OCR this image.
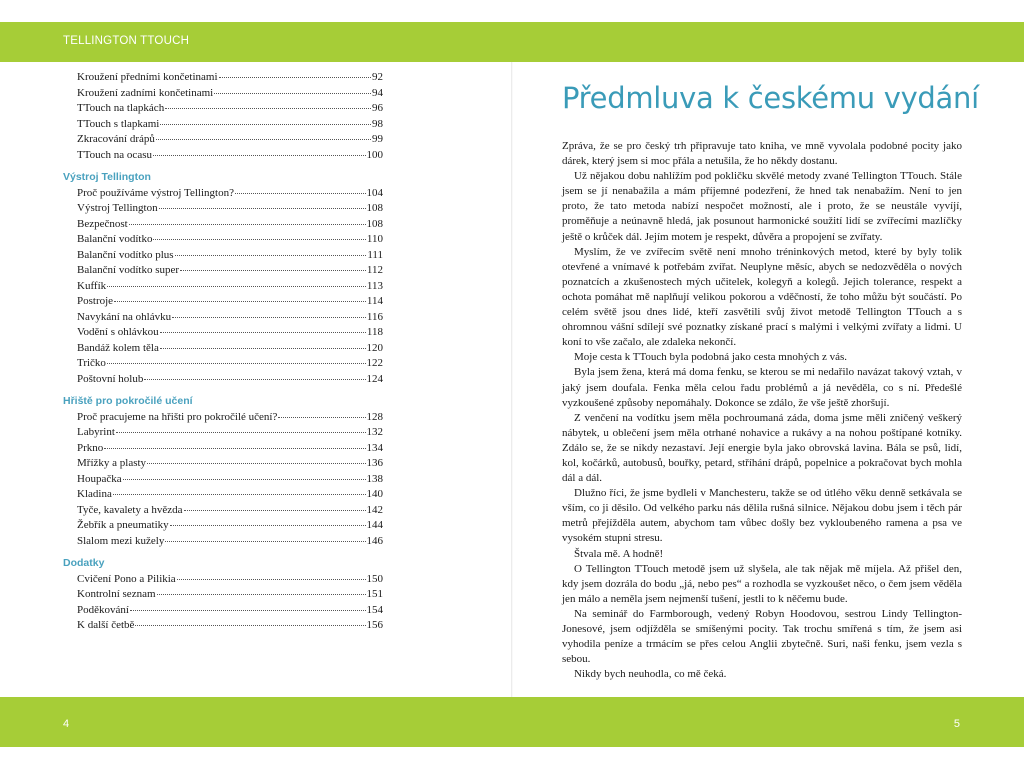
TELLINGTON TTOUCH
Kroužení předními končetinami	92
Kroužení zadními končetinami	94
TTouch na tlapkách	96
TTouch s tlapkami	98
Zkracování drápů	99
TTouch na ocasu	100
Výstroj Tellington
Proč používáme výstroj Tellington?	104
Výstroj Tellington	108
Bezpečnost	108
Balanční vodítko	110
Balanční vodítko plus	111
Balanční vodítko super	112
Kuffík	113
Postroje	114
Navykání na ohlávku	116
Vodění s ohlávkou	118
Bandáž kolem těla	120
Tričko	122
Poštovní holub	124
Hřiště pro pokročilé učení
Proč pracujeme na hřišti pro pokročilé učení?	128
Labyrint	132
Prkno	134
Mřížky a plasty	136
Houpačka	138
Kladina	140
Tyče, kavalety a hvězda	142
Žebřík a pneumatiky	144
Slalom mezi kužely	146
Dodatky
Cvičení Pono a Pilikia	150
Kontrolní seznam	151
Poděkování	154
K další četbě	156
Předmluva k českému vydání

Zpráva, že se pro český trh připravuje tato kniha, ve mně vyvolala podobné pocity jako dárek, který jsem si moc přála a netušila, že ho někdy dostanu.

Už nějakou dobu nahlížím pod pokličku skvělé metody zvané Tellington TTouch. Stále jsem se jí nenabažila a mám příjemné podezření, že hned tak nenabažím. Není to jen proto, že tato metoda nabízí nespočet možností, ale i proto, že se neustále vyvíjí, proměňuje a neúnavně hledá, jak posunout harmonické soužití lidí se zvířecími mazlíčky ještě o krůček dál. Jejím motem je respekt, důvěra a propojení se zvířaty.

Myslím, že ve zvířecím světě není mnoho tréninkových metod, které by byly tolik otevřené a vnímavé k potřebám zvířat. Neuplyne měsíc, abych se nedozvěděla o nových poznatcích a zkušenostech mých učitelek, kolegyň a kolegů. Jejich tolerance, respekt a ochota pomáhat mě naplňují velikou pokorou a vděčností, že toho můžu být součástí. Po celém světě jsou dnes lidé, kteří zasvětili svůj život metodě Tellington TTouch a s ohromnou vášní sdílejí své poznatky získané prací s malými i velkými zvířaty a lidmi. U koní to vše začalo, ale zdaleka nekončí.

Moje cesta k TTouch byla podobná jako cesta mnohých z vás.

Byla jsem žena, která má doma fenku, se kterou se mi nedařilo navázat takový vztah, v jaký jsem doufala. Fenka měla celou řadu problémů a já nevěděla, co s ní. Předešlé vyzkoušené způsoby nepomáhaly. Dokonce se zdálo, že vše ještě zhoršují.

Z venčení na vodítku jsem měla pochroumaná záda, doma jsme měli zničený veškerý nábytek, u oblečení jsem měla otrhané nohavice a rukávy a na nohou poštípané kotníky. Zdálo se, že se nikdy nezastaví. Její energie byla jako obrovská lavina. Bála se psů, lidí, kol, kočárků, autobusů, bouřky, petard, stříhání drápů, popelnice a pokračovat bych mohla dál a dál.

Dlužno říci, že jsme bydleli v Manchesteru, takže se od útlého věku denně setkávala se vším, co ji děsilo. Od velkého parku nás dělila rušná silnice. Nějakou dobu jsem i těch pár metrů přejížděla autem, abychom tam vůbec došly bez vykloubeného ramena a psa ve vysokém stupni stresu.

Štvala mě. A hodně!

O Tellington TTouch metodě jsem už slyšela, ale tak nějak mě míjela. Až přišel den, kdy jsem dozrála do bodu „já, nebo pes“ a rozhodla se vyzkoušet něco, o čem jsem věděla jen málo a neměla jsem nejmenší tušení, jestli to k něčemu bude.

Na seminář do Farmborough, vedený Robyn Hoodovou, sestrou Lindy Tellington-Jonesové, jsem odjížděla se smíšenými pocity. Tak trochu smířená s tím, že jsem asi vyhodila peníze a trmácím se přes celou Anglii zbytečně. Suri, naši fenku, jsem vezla s sebou.

Nikdy bych neuhodla, co mě čeká.

4	5
